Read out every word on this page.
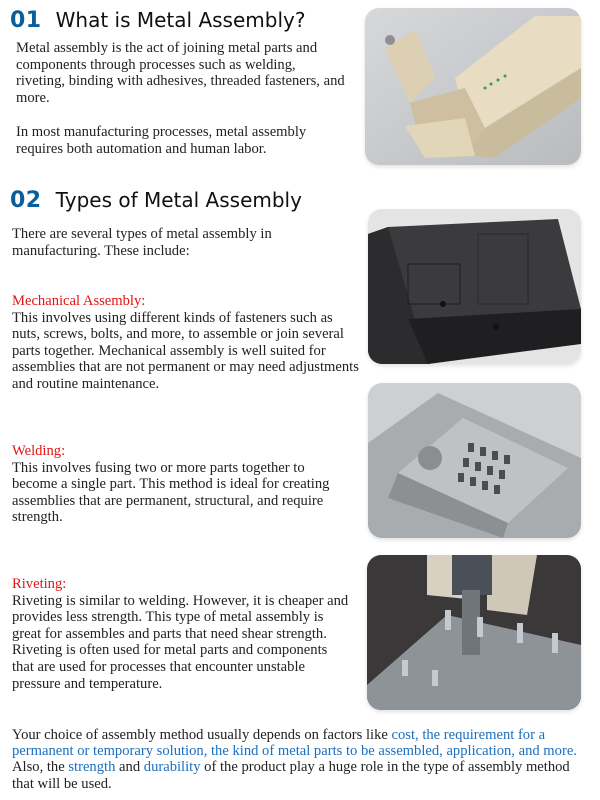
01 What is Metal Assembly?
Metal assembly is the act of joining metal parts and components through processes such as welding, riveting, binding with adhesives, threaded fasteners, and more.
In most manufacturing processes, metal assembly requires both automation and human labor.
02 Types of Metal Assembly
There are several types of metal assembly in manufacturing. These include:
Mechanical Assembly:
This involves using different kinds of fasteners such as nuts, screws, bolts, and more, to assemble or join several parts together. Mechanical assembly is well suited for assemblies that are not permanent or may need adjustments and routine maintenance.
Welding:
This involves fusing two or more parts together to become a single part. This method is ideal for creating assemblies that are permanent, structural, and require strength.
Riveting:
Riveting is similar to welding. However, it is cheaper and provides less strength. This type of metal assembly is great for assembles and parts that need shear strength. Riveting is often used for metal parts and components that are used for processes that encounter unstable pressure and temperature.
Your choice of assembly method usually depends on factors like cost, the requirement for a permanent or temporary solution, the kind of metal parts to be assembled, application, and more. Also, the strength and durability of the product play a huge role in the type of assembly method that will be used.
